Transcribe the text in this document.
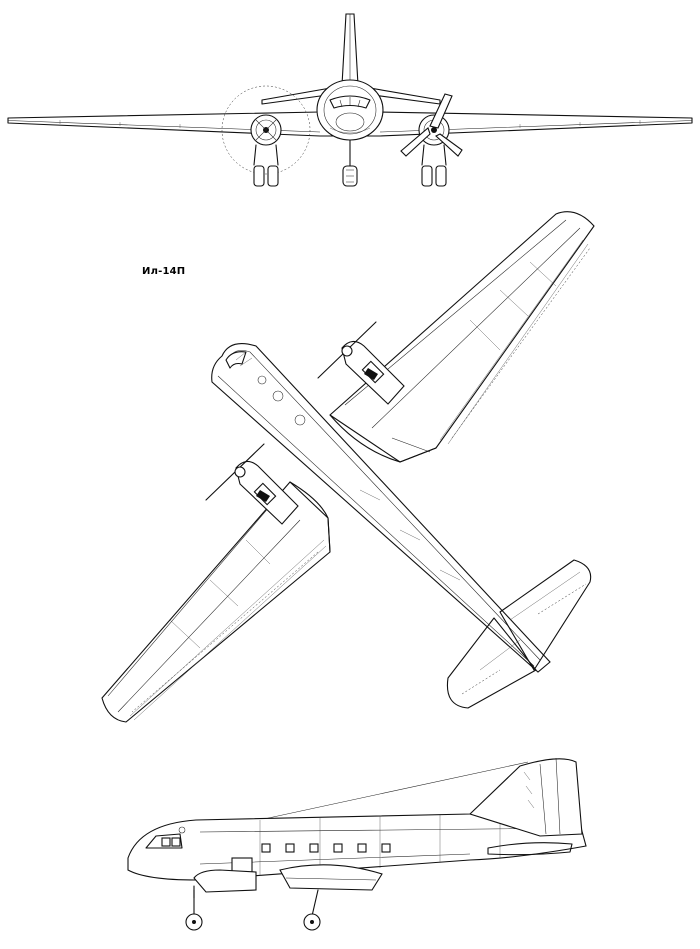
Ил-14П
